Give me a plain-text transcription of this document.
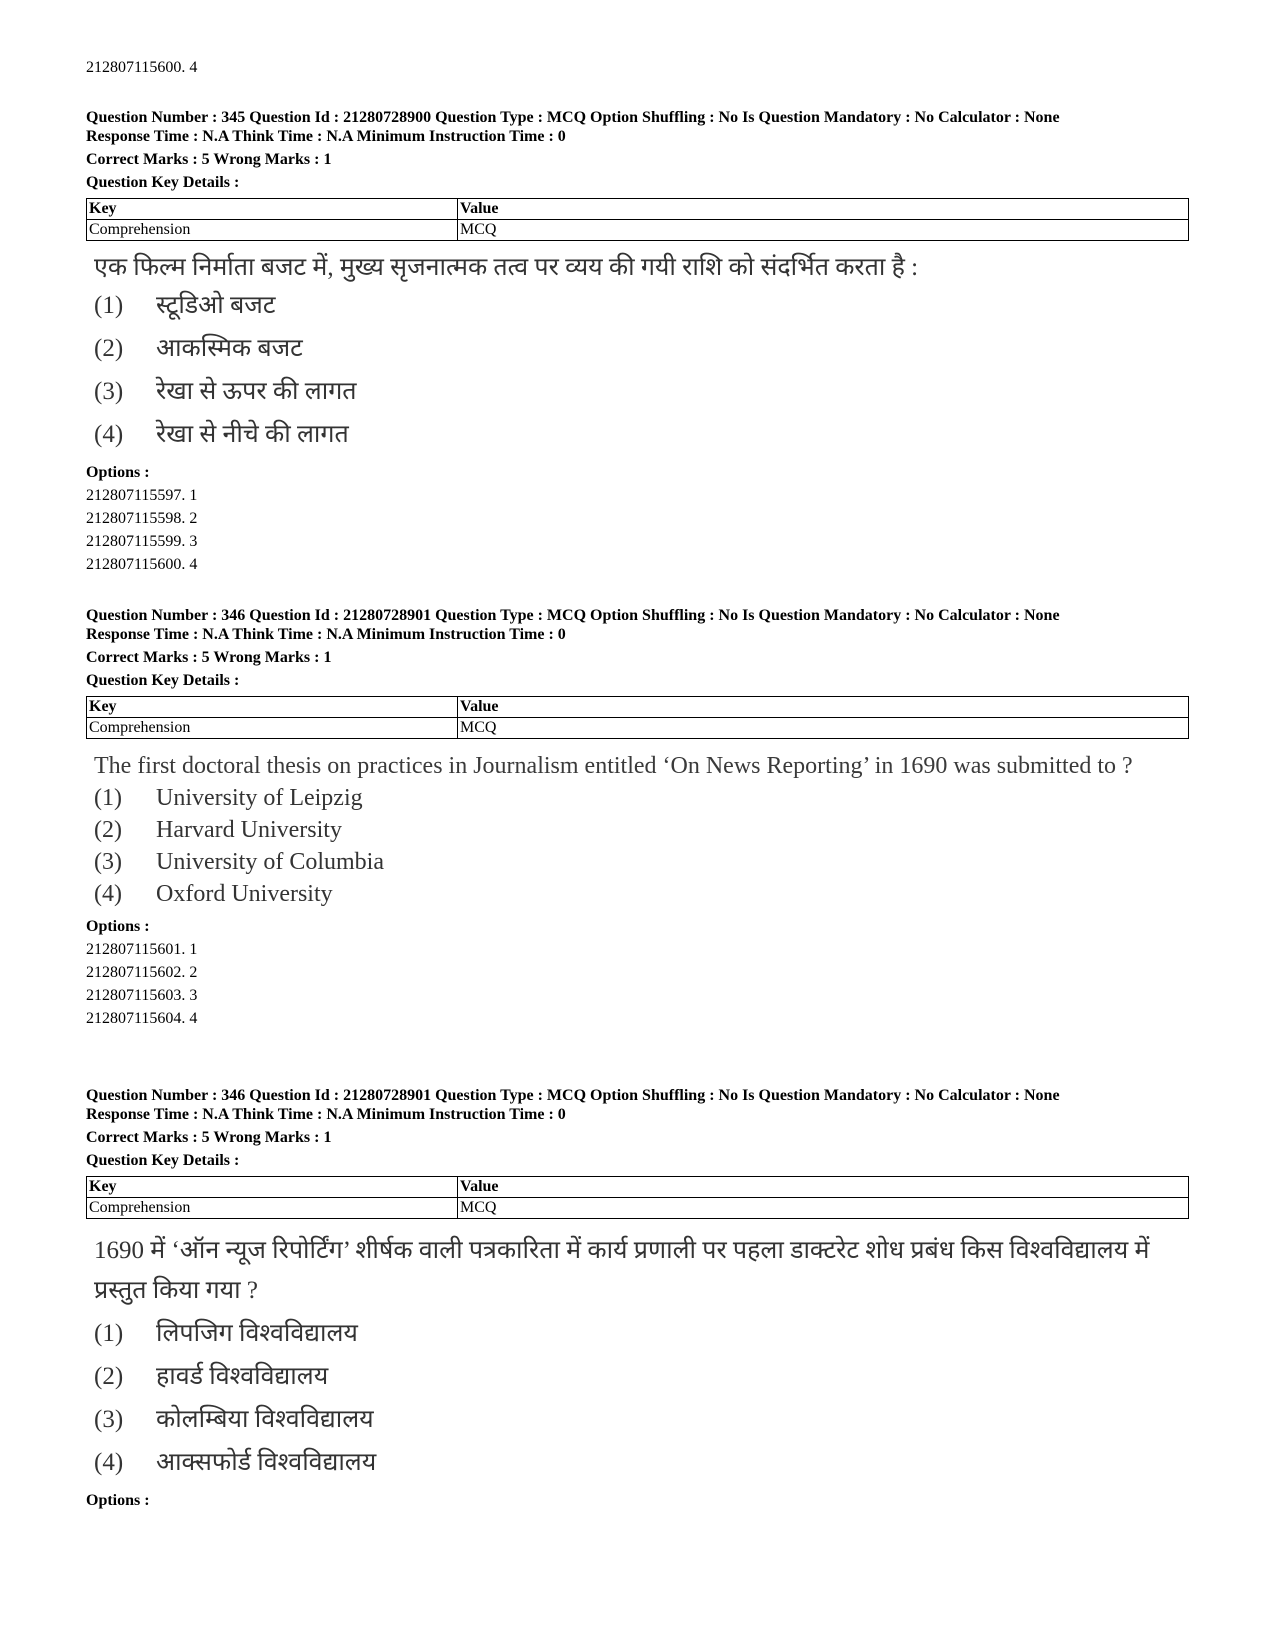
212807115600. 4
Question Number : 345 Question Id : 21280728900 Question Type : MCQ Option Shuffling : No Is Question Mandatory : No Calculator : None
Response Time : N.A Think Time : N.A Minimum Instruction Time : 0
Correct Marks : 5 Wrong Marks : 1
Question Key Details :
Key	Value
Comprehension	MCQ
एक फिल्म निर्माता बजट में, मुख्य सृजनात्मक तत्व पर व्यय की गयी राशि को संदर्भित करता है :
(1)	स्टूडिओ बजट
(2)	आकस्मिक बजट
(3)	रेखा से ऊपर की लागत
(4)	रेखा से नीचे की लागत
Options :
212807115597. 1
212807115598. 2
212807115599. 3
212807115600. 4
Question Number : 346 Question Id : 21280728901 Question Type : MCQ Option Shuffling : No Is Question Mandatory : No Calculator : None
Response Time : N.A Think Time : N.A Minimum Instruction Time : 0
Correct Marks : 5 Wrong Marks : 1
Question Key Details :
Key	Value
Comprehension	MCQ
The first doctoral thesis on practices in Journalism entitled ‘On News Reporting’ in 1690 was submitted to ?
(1)	University of Leipzig
(2)	Harvard University
(3)	University of Columbia
(4)	Oxford University
Options :
212807115601. 1
212807115602. 2
212807115603. 3
212807115604. 4
Question Number : 346 Question Id : 21280728901 Question Type : MCQ Option Shuffling : No Is Question Mandatory : No Calculator : None
Response Time : N.A Think Time : N.A Minimum Instruction Time : 0
Correct Marks : 5 Wrong Marks : 1
Question Key Details :
Key	Value
Comprehension	MCQ
1690 में ‘ऑन न्यूज रिपोर्टिंग’ शीर्षक वाली पत्रकारिता में कार्य प्रणाली पर पहला डाक्टरेट शोध प्रबंध किस विश्वविद्यालय में प्रस्तुत किया गया ?
(1)	लिपजिग विश्वविद्यालय
(2)	हावर्ड विश्वविद्यालय
(3)	कोलम्बिया विश्वविद्यालय
(4)	आक्सफोर्ड विश्वविद्यालय
Options :
